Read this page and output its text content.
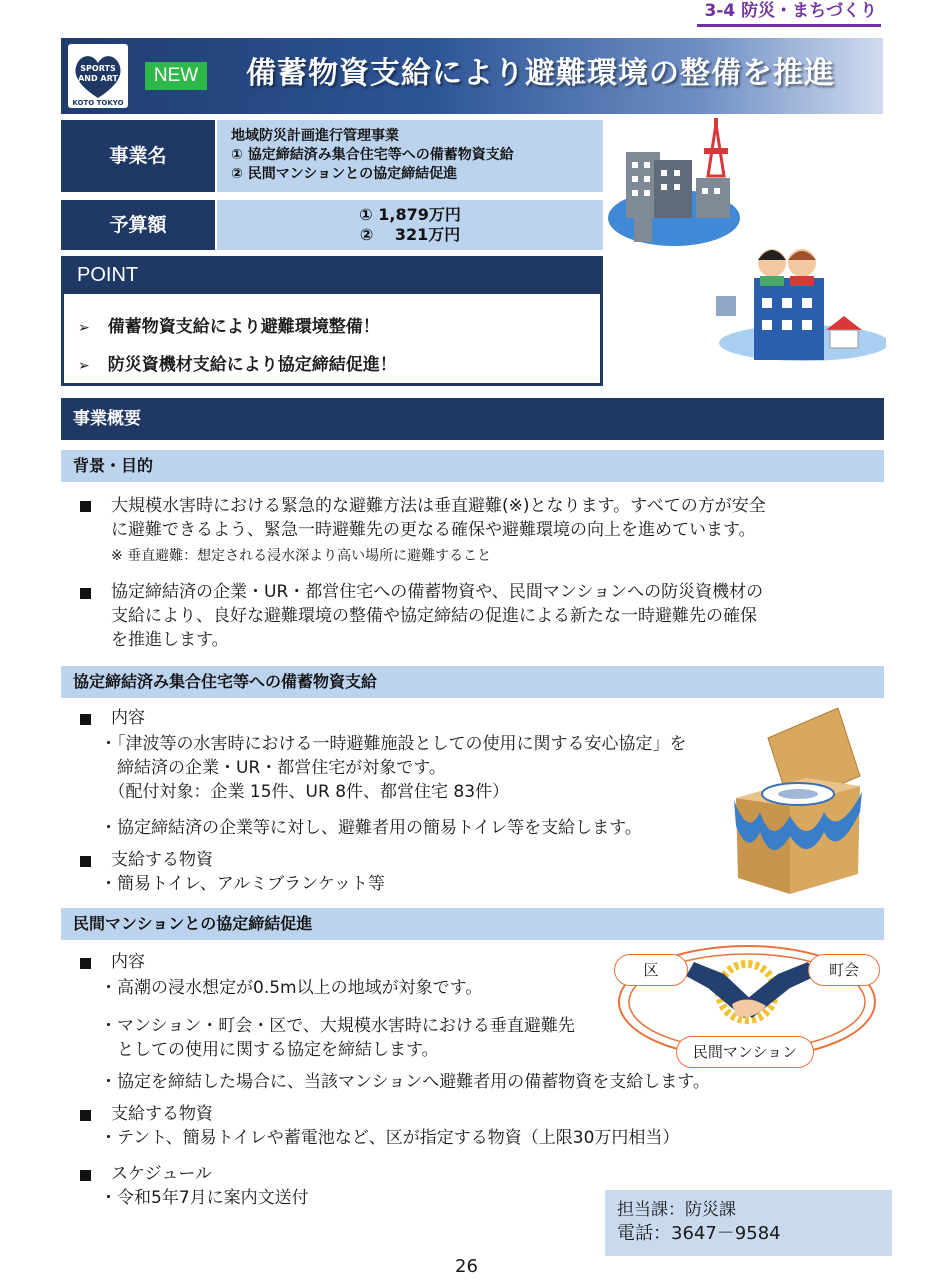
3-4 防災・まちづくり
SPORTS
AND ART
KOTO TOKYO
NEW 備蓄物資支給により避難環境の整備を推進
事業名
地域防災計画進行管理事業
① 協定締結済み集合住宅等への備蓄物資支給
② 民間マンションとの協定締結促進
予算額	① 1,879万円
②　 321万円
POINT
➢ 備蓄物資支給により避難環境整備！
➢ 防災資機材支給により協定締結促進！
事業概要
背景・目的
大規模水害時における緊急的な避難方法は垂直避難(※)となります。すべての方が安全
に避難できるよう、緊急一時避難先の更なる確保や避難環境の向上を進めています。
※ 垂直避難：想定される浸水深より高い場所に避難すること
協定締結済の企業・UR・都営住宅への備蓄物資や、民間マンションへの防災資機材の
支給により、良好な避難環境の整備や協定締結の促進による新たな一時避難先の確保
を推進します。
協定締結済み集合住宅等への備蓄物資支給
内容
・「津波等の水害時における一時避難施設としての使用に関する安心協定」を
　締結済の企業・UR・都営住宅が対象です。
　（配付対象：企業 15件、UR 8件、都営住宅 83件）
・協定締結済の企業等に対し、避難者用の簡易トイレ等を支給します。
支給する物資
・簡易トイレ、アルミブランケット等
民間マンションとの協定締結促進
内容
・高潮の浸水想定が0.5m以上の地域が対象です。
・マンション・町会・区で、大規模水害時における垂直避難先
　としての使用に関する協定を締結します。
・協定を締結した場合に、当該マンションへ避難者用の備蓄物資を支給します。
支給する物資
・テント、簡易トイレや蓄電池など、区が指定する物資（上限30万円相当）
スケジュール
・令和5年7月に案内文送付
区	町会
民間マンション
担当課：防災課
電話：3647－9584
26
